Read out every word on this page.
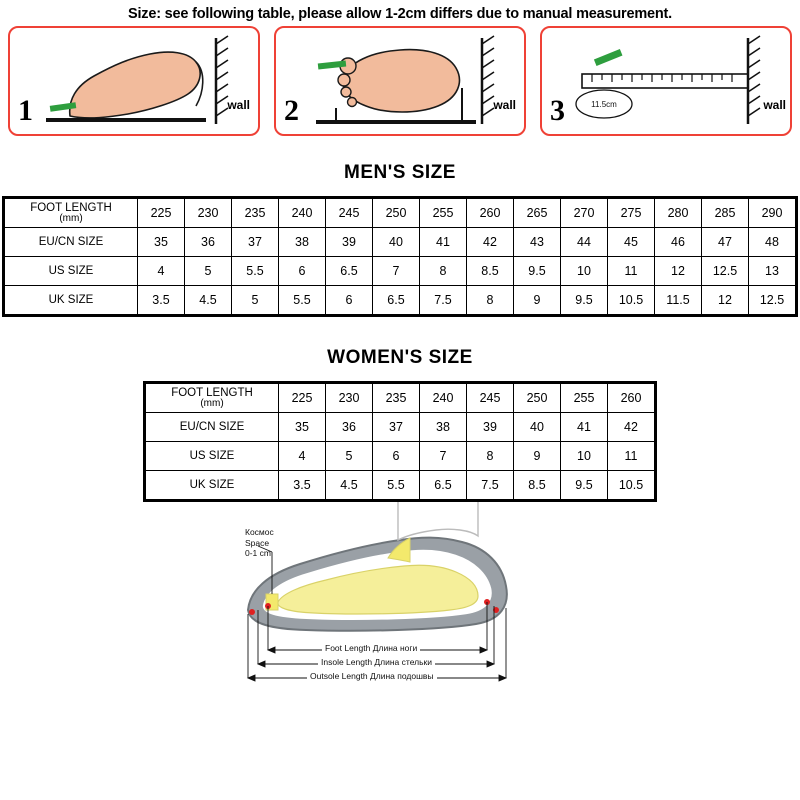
Size: see following table, please allow 1-2cm differs due to manual measurement.
1	wall 2	wall	11.5cm
3	wall
MEN'S SIZE
FOOT LENGTH
(mm)	225	230	235	240	245	250	255	260	265	270	275	280	285	290
EU/CN SIZE	35	36	37	38	39	40	41	42	43	44	45	46	47	48
US SIZE	4	5	5.5	6	6.5	7	8	8.5	9.5	10	11	12	12.5	13
UK SIZE	3.5	4.5	5	5.5	6	6.5	7.5	8	9	9.5	10.5	11.5	12	12.5
WOMEN'S SIZE
FOOT LENGTH
(mm)	225	230	235	240	245	250	255	260
EU/CN SIZE	35	36	37	38	39	40	41	42
US SIZE	4	5	6	7	8	9	10	11
UK SIZE	3.5	4.5	5.5	6.5	7.5	8.5	9.5	10.5
Космос
Space
0-1 cm
Foot Length Длина ноги
Insole Length Длина стельки
Outsole Length Длина подошвы
